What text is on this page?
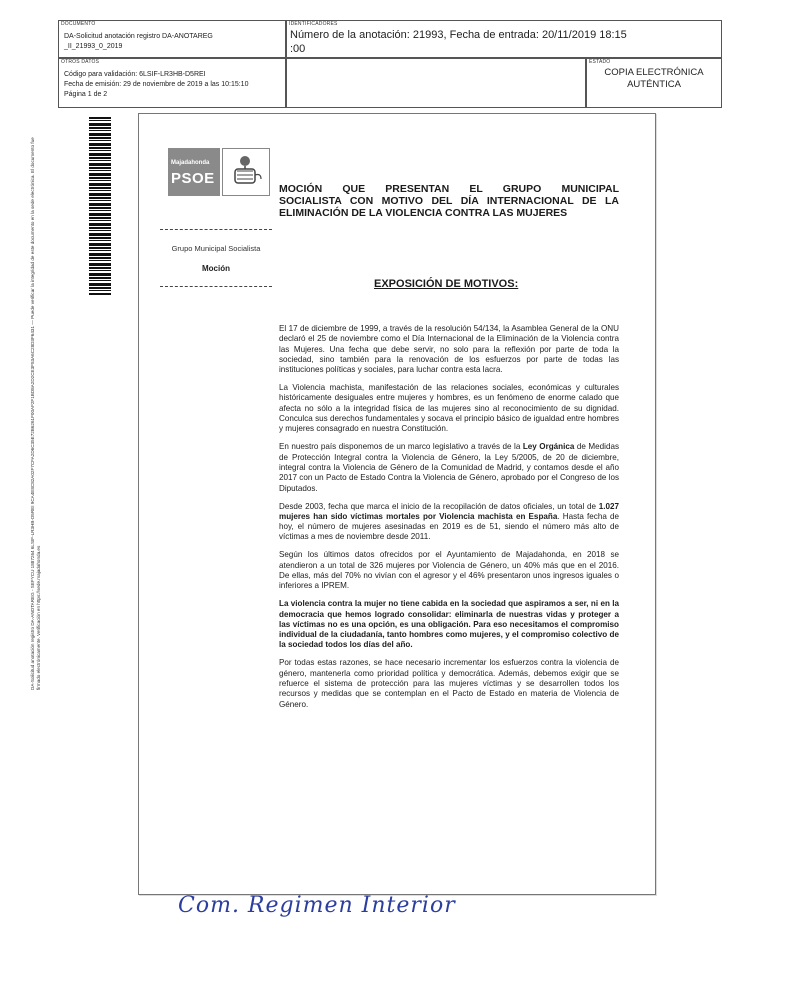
DOCUMENTO
DA-Solicitud anotación registro DA-ANOTAREG
_II_21993_0_2019
IDENTIFICADORES
Número de la anotación: 21993, Fecha de entrada: 20/11/2019 18:15
:00
OTROS DATOS
Código para validación: 6LSIF-LR3HB-D5REI
Fecha de emisión: 29 de noviembre de 2019 a las 10:15:10
Página 1 de 2
ESTADO
COPIA ELECTRÓNICA
AUTÉNTICA
DA-Solicitud anotación registro DA-ANOTAREG - SEFYCU 1887264 6LSIF-LR3HB-D5REI 9CA4E8C82A02F7CFA2D6C35E72B6261F00AF2F1BD8A2D2CE3F53A6C28D3F6431 — Puede verificar la integridad de este documento en la sede electrónica. El documento fue firmado electrónicamente. Verificación en https://sede.majadahonda.es
Majadahonda
PSOE
Grupo Municipal Socialista
Moción
MOCIÓN QUE PRESENTAN EL GRUPO MUNICIPAL
SOCIALISTA CON MOTIVO DEL DÍA INTERNACIONAL DE LA
ELIMINACIÓN DE LA VIOLENCIA CONTRA LAS MUJERES
EXPOSICIÓN DE MOTIVOS:

El 17 de diciembre de 1999, a través de la resolución 54/134, la Asamblea General de la ONU declaró el 25 de noviembre como el Día Internacional de la Eliminación de la Violencia contra las Mujeres. Una fecha que debe servir, no solo para la reflexión por parte de toda la sociedad, sino también para la renovación de los esfuerzos por parte de todas las instituciones políticas y sociales, para luchar contra esta lacra.

La Violencia machista, manifestación de las relaciones sociales, económicas y culturales históricamente desiguales entre mujeres y hombres, es un fenómeno de enorme calado que afecta no sólo a la integridad física de las mujeres sino al reconocimiento de su dignidad. Conculca sus derechos fundamentales y socava el principio básico de igualdad entre hombres y mujeres consagrado en nuestra Constitución.

En nuestro país disponemos de un marco legislativo a través de la Ley Orgánica de Medidas de Protección Integral contra la Violencia de Género, la Ley 5/2005, de 20 de diciembre, integral contra la Violencia de Género de la Comunidad de Madrid, y contamos desde el año 2017 con un Pacto de Estado Contra la Violencia de Género, aprobado por el Congreso de los Diputados.

Desde 2003, fecha que marca el inicio de la recopilación de datos oficiales, un total de 1.027 mujeres han sido víctimas mortales por Violencia machista en España. Hasta fecha de hoy, el número de mujeres asesinadas en 2019 es de 51, siendo el número más alto de víctimas a mes de noviembre desde 2011.

Según los últimos datos ofrecidos por el Ayuntamiento de Majadahonda, en 2018 se atendieron a un total de 326 mujeres por Violencia de Género, un 40% más que en el 2016. De ellas, más del 70% no vivían con el agresor y el 46% presentaron unos ingresos iguales o inferiores a IPREM.

La violencia contra la mujer no tiene cabida en la sociedad que aspiramos a ser, ni en la democracia que hemos logrado consolidar: eliminarla de nuestras vidas y proteger a las víctimas no es una opción, es una obligación. Para eso necesitamos el compromiso individual de la ciudadanía, tanto hombres como mujeres, y el compromiso colectivo de la sociedad todos los días del año.

Por todas estas razones, se hace necesario incrementar los esfuerzos contra la violencia de género, mantenerla como prioridad política y democrática. Además, debemos exigir que se refuerce el sistema de protección para las mujeres víctimas y se desarrollen todos los recursos y medidas que se contemplan en el Pacto de Estado en materia de Violencia de Género.

Com. Regimen Interior
